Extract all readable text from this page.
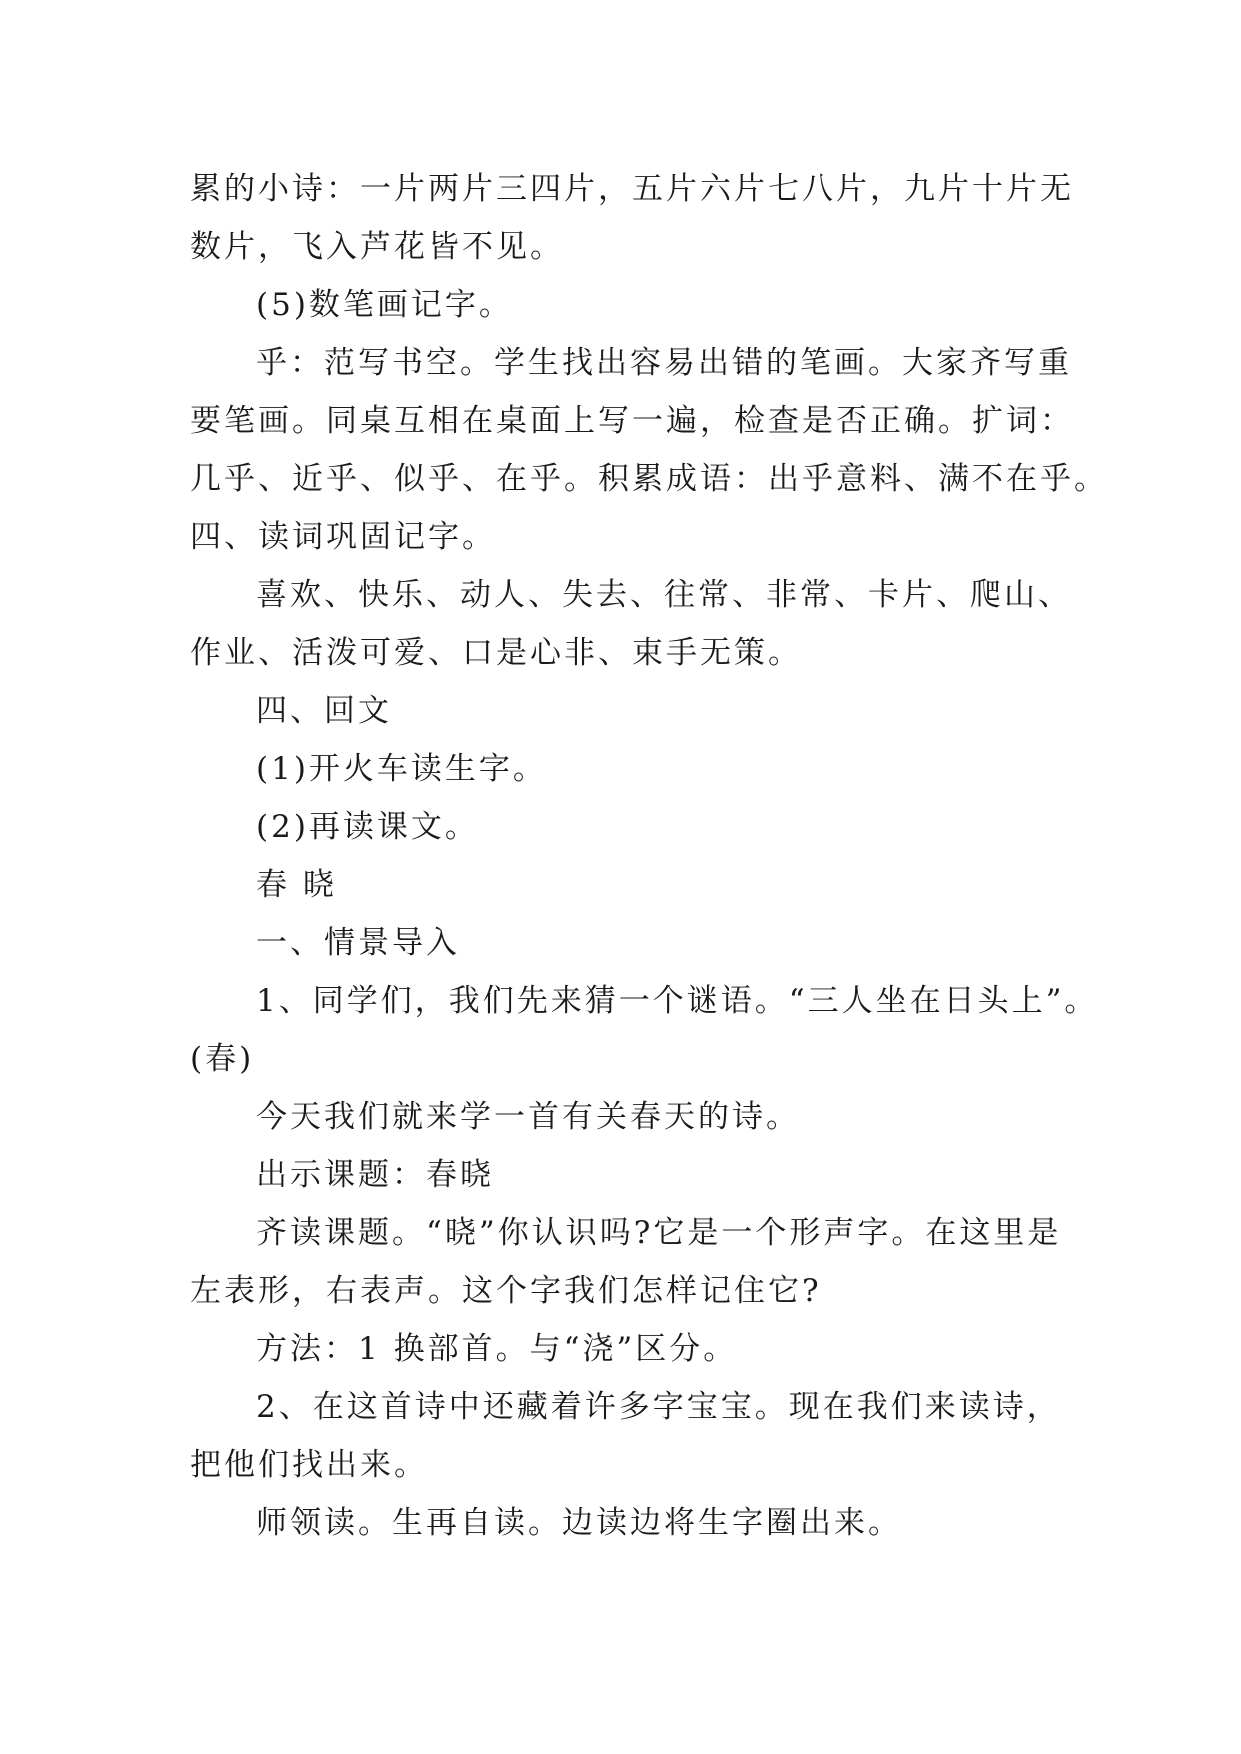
累的小诗：一片两片三四片，五片六片七八片，九片十片无
数片，飞入芦花皆不见。
(5)数笔画记字。
乎：范写书空。学生找出容易出错的笔画。大家齐写重
要笔画。同桌互相在桌面上写一遍，检查是否正确。扩词：
几乎、近乎、似乎、在乎。积累成语：出乎意料、满不在乎。
四、读词巩固记字。
喜欢、快乐、动人、失去、往常、非常、卡片、爬山、
作业、活泼可爱、口是心非、束手无策。
四、回文
(1)开火车读生字。
(2)再读课文。
春 晓
一、情景导入
1、同学们，我们先来猜一个谜语。“三人坐在日头上”。
(春)
今天我们就来学一首有关春天的诗。
出示课题：春晓
齐读课题。“晓”你认识吗?它是一个形声字。在这里是
左表形，右表声。这个字我们怎样记住它?
方法：1 换部首。与“浇”区分。
2、在这首诗中还藏着许多字宝宝。现在我们来读诗，
把他们找出来。
师领读。生再自读。边读边将生字圈出来。
